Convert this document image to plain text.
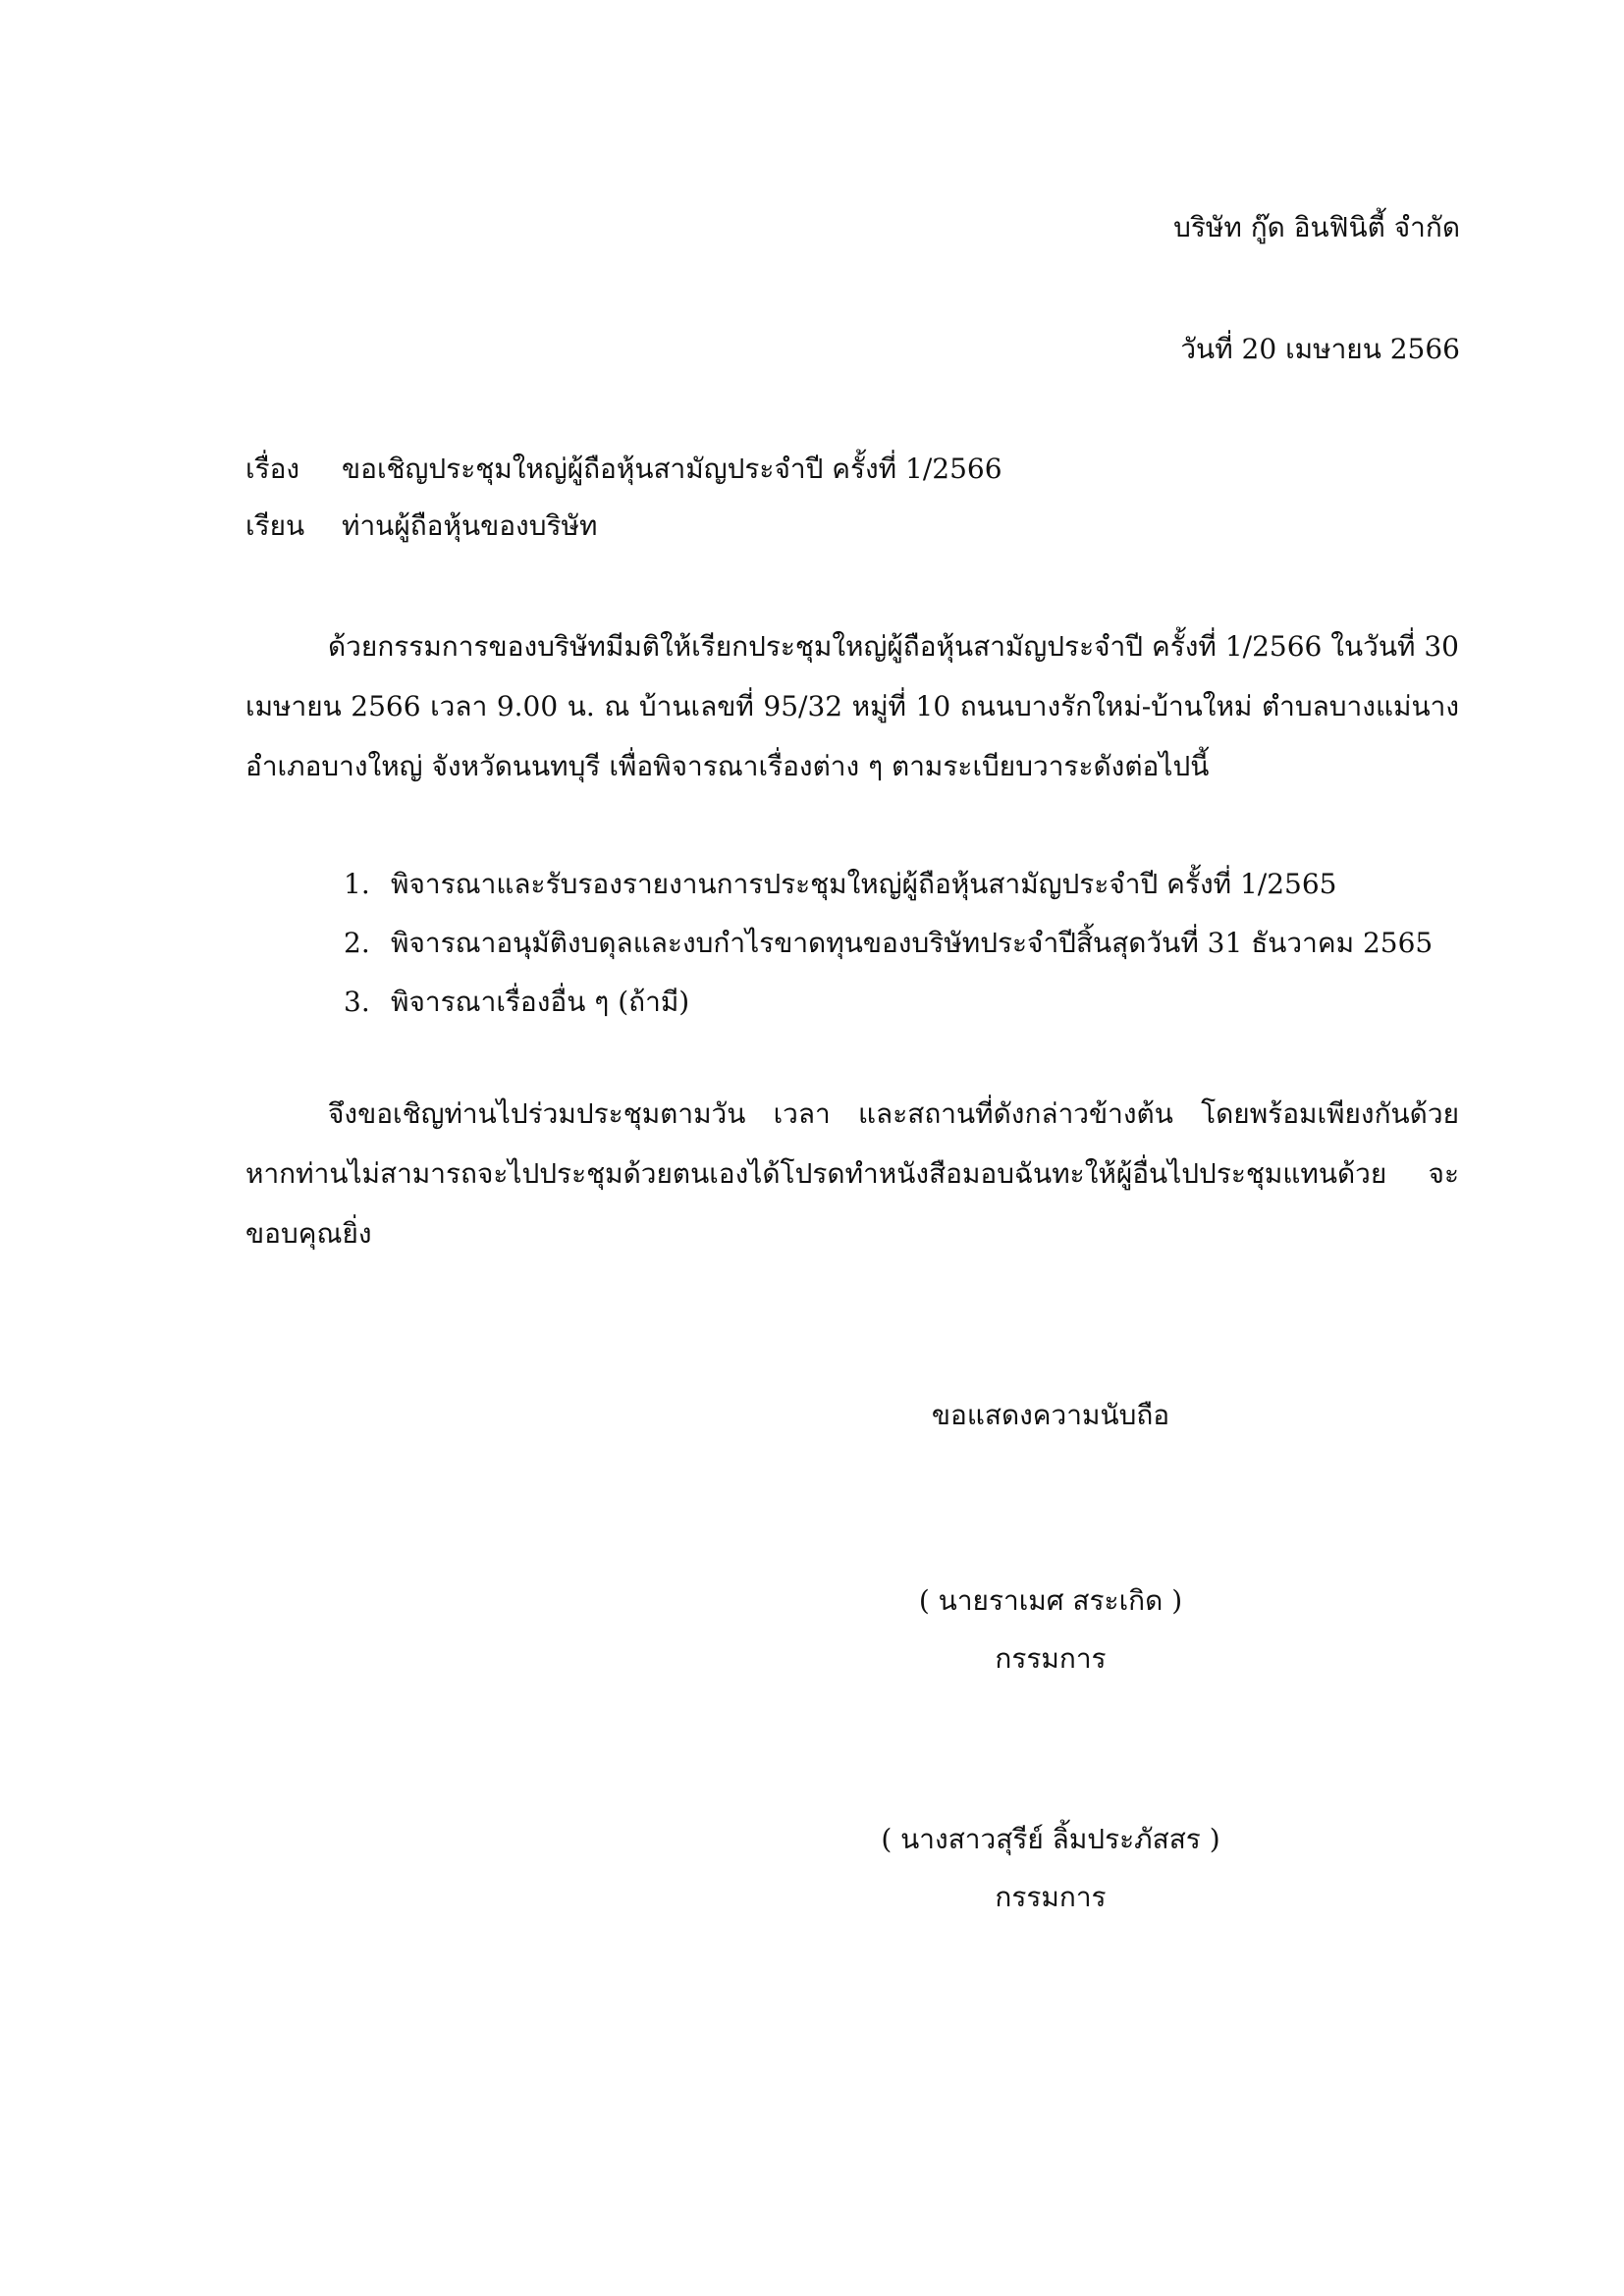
บริษัท กู๊ด อินฟินิตี้ จำกัด
วันที่ 20 เมษายน 2566
เรื่อง ขอเชิญประชุมใหญ่ผู้ถือหุ้นสามัญประจำปี ครั้งที่ 1/2566
เรียน ท่านผู้ถือหุ้นของบริษัท

ด้วยกรรมการของบริษัทมีมติให้เรียกประชุมใหญ่ผู้ถือหุ้นสามัญประจำปี ครั้งที่ 1/2566 ในวันที่ 30 เมษายน 2566 เวลา 9.00 น. ณ บ้านเลขที่ 95/32 หมู่ที่ 10 ถนนบางรักใหม่-บ้านใหม่ ตำบลบางแม่นาง อำเภอบางใหญ่ จังหวัดนนทบุรี เพื่อพิจารณาเรื่องต่าง ๆ ตามระเบียบวาระดังต่อไปนี้

1. พิจารณาและรับรองรายงานการประชุมใหญ่ผู้ถือหุ้นสามัญประจำปี ครั้งที่ 1/2565
2. พิจารณาอนุมัติงบดุลและงบกำไรขาดทุนของบริษัทประจำปีสิ้นสุดวันที่ 31 ธันวาคม 2565
3. พิจารณาเรื่องอื่น ๆ (ถ้ามี)

จึงขอเชิญท่านไปร่วมประชุมตามวัน เวลา และสถานที่ดังกล่าวข้างต้น โดยพร้อมเพียงกันด้วย หากท่านไม่สามารถจะไปประชุมด้วยตนเองได้โปรดทำหนังสือมอบฉันทะให้ผู้อื่นไปประชุมแทนด้วย จะขอบคุณยิ่ง

ขอแสดงความนับถือ
( นายราเมศ สระเกิด )
กรรมการ
( นางสาวสุรีย์ ลิ้มประภัสสร )
กรรมการ
